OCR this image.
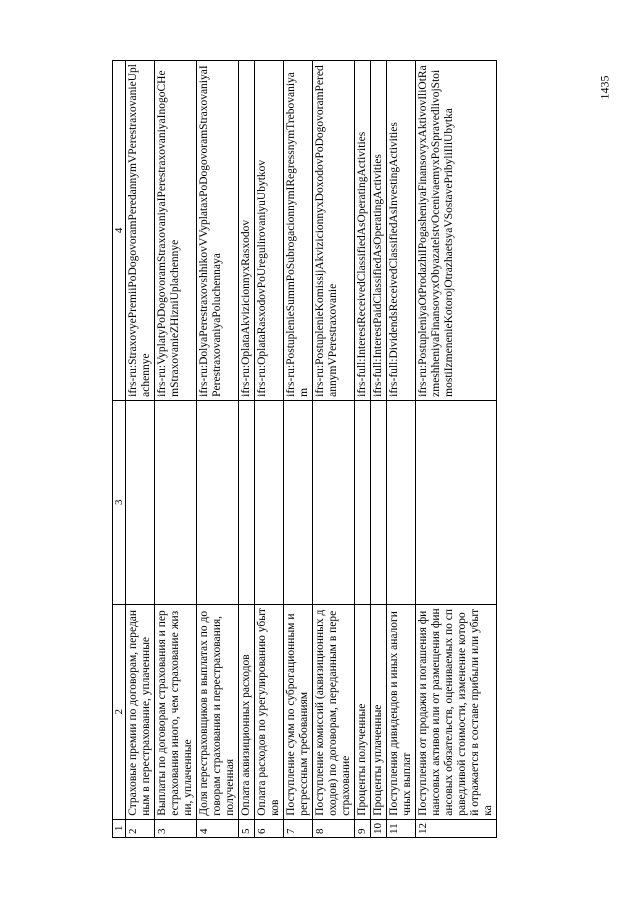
1	2	3	4
2	Страховые премии по договорам, переданным в перестрахование, уплаченные		ifrs-ru:StraxovyePremiiPoDogovoramPeredannymVPerestraxovanieUplachennye
3	Выплаты по договорам страхования и перестрахования иного, чем страхование жизни, уплаченные		ifrs-ru:VyplatyPoDogovoramStraxovaniyaIPerestraxovaniyaInogoCHemStraxovanieZHizniUplachennye
4	Доля перестраховщиков в выплатах по договорам страхования и перестрахования, полученная		ifrs-ru:DolyaPerestraxovshhikovVVyplataxPoDogovoramStraxovaniyaIPerestraxovaniyaPoluchennaya
5	Оплата аквизиционных расходов		ifrs-ru:OplataAkvizicionnyxRasxodov
6	Оплата расходов по урегулированию убытков		ifrs-ru:OplataRasxodovPoUregulirovaniyuUbytkov
7	Поступление сумм по суброгационным и регрессным требованиям		ifrs-ru:PostuplenieSummPoSubrogacionnymIRegressnymTrebovaniyam
8	Поступление комиссий (аквизиционных доходов) по договорам, переданным в перестрахование		ifrs-ru:PostuplenieKomissijAkvizicionnyxDoxodovPoDogovoramPeredannymVPerestraxovanie
9	Проценты полученные		ifrs-full:InterestReceivedClassifiedAsOperatingActivities
10	Проценты уплаченные		ifrs-full:InterestPaidClassifiedAsOperatingActivities
11	Поступления дивидендов и иных аналогичных выплат		ifrs-full:DividendsReceivedClassifiedAsInvestingActivities
12	Поступления от продажи и погашения финансовых активов или от размещения финансовых обязательств, оцениваемых по справедливой стоимости, изменение которой отражается в составе прибыли или убытка		ifrs-ru:PostupleniyaOtProdazhiIPogasheniyaFinansovyxAktivovIliOtRazmeshheniyaFinansovyxObyazatelstvOcenivaemyxPoSpravedlivojStoimostiIzmenenieKotorojOtrazhaetsyaVSostavePribyliIliUbytka
1435
